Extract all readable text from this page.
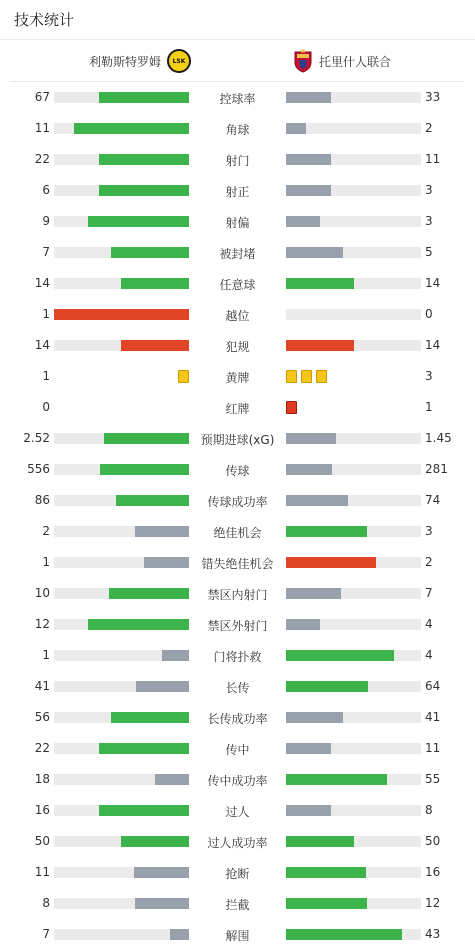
技术统计
利勒斯特罗姆	LSK	托里什人联合
67	控球率	33
11	角球	2
22	射门	11
6	射正	3
9	射偏	3
7	被封堵	5
14	任意球	14
1	越位	0
14	犯规	14
1	黄牌	3
0	红牌	1
2.52	预期进球(xG)	1.45
556	传球	281
86	传球成功率	74
2	绝佳机会	3
1	错失绝佳机会	2
10	禁区内射门	7
12	禁区外射门	4
1	门将扑救	4
41	长传	64
56	长传成功率	41
22	传中	11
18	传中成功率	55
16	过人	8
50	过人成功率	50
11	抢断	16
8	拦截	12
7	解围	43
